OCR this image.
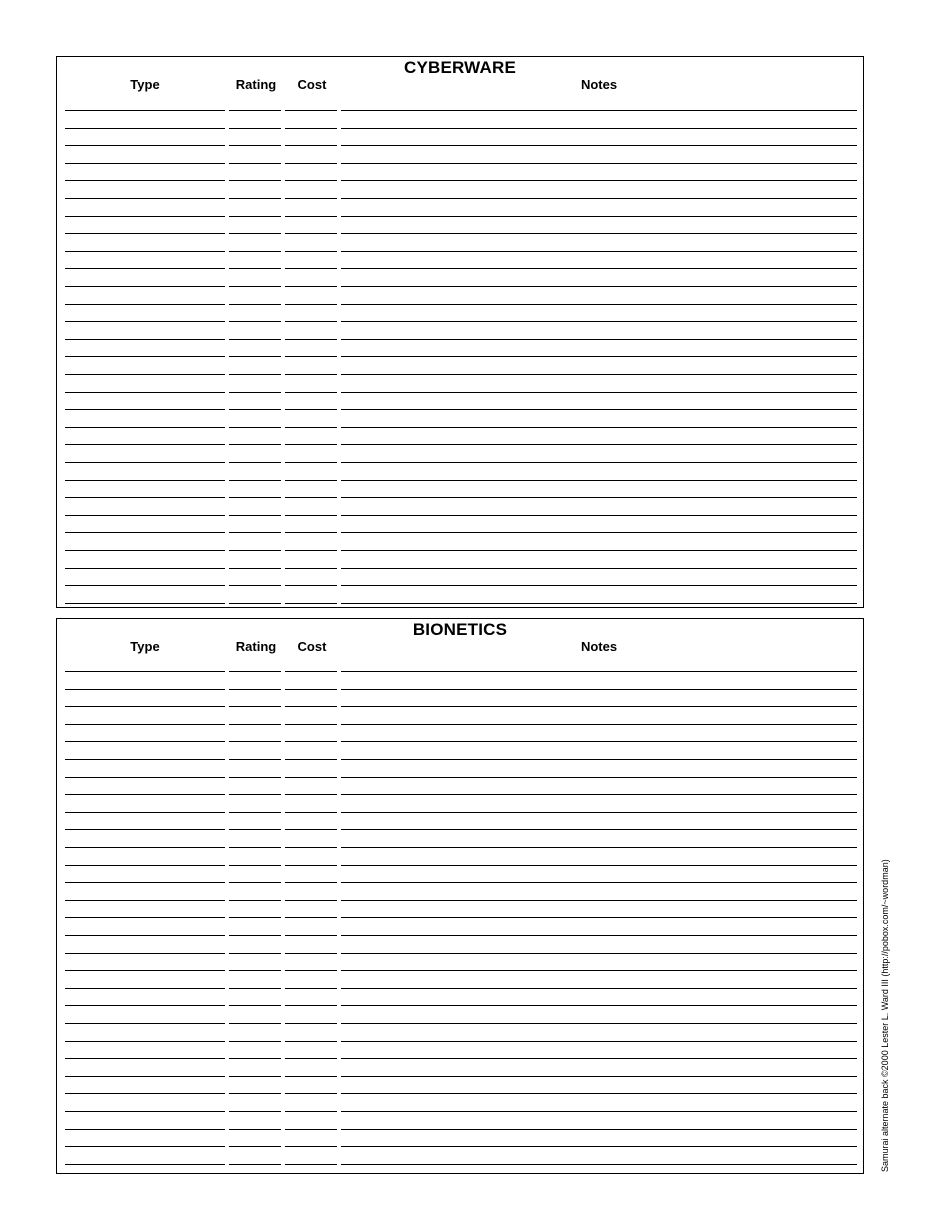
CYBERWARE
Type	Rating	Cost	Notes
BIONETICS
Type	Rating	Cost	Notes
Samurai alternate back ©2000 Lester L. Ward III (http://pobox.com/~wordman)
